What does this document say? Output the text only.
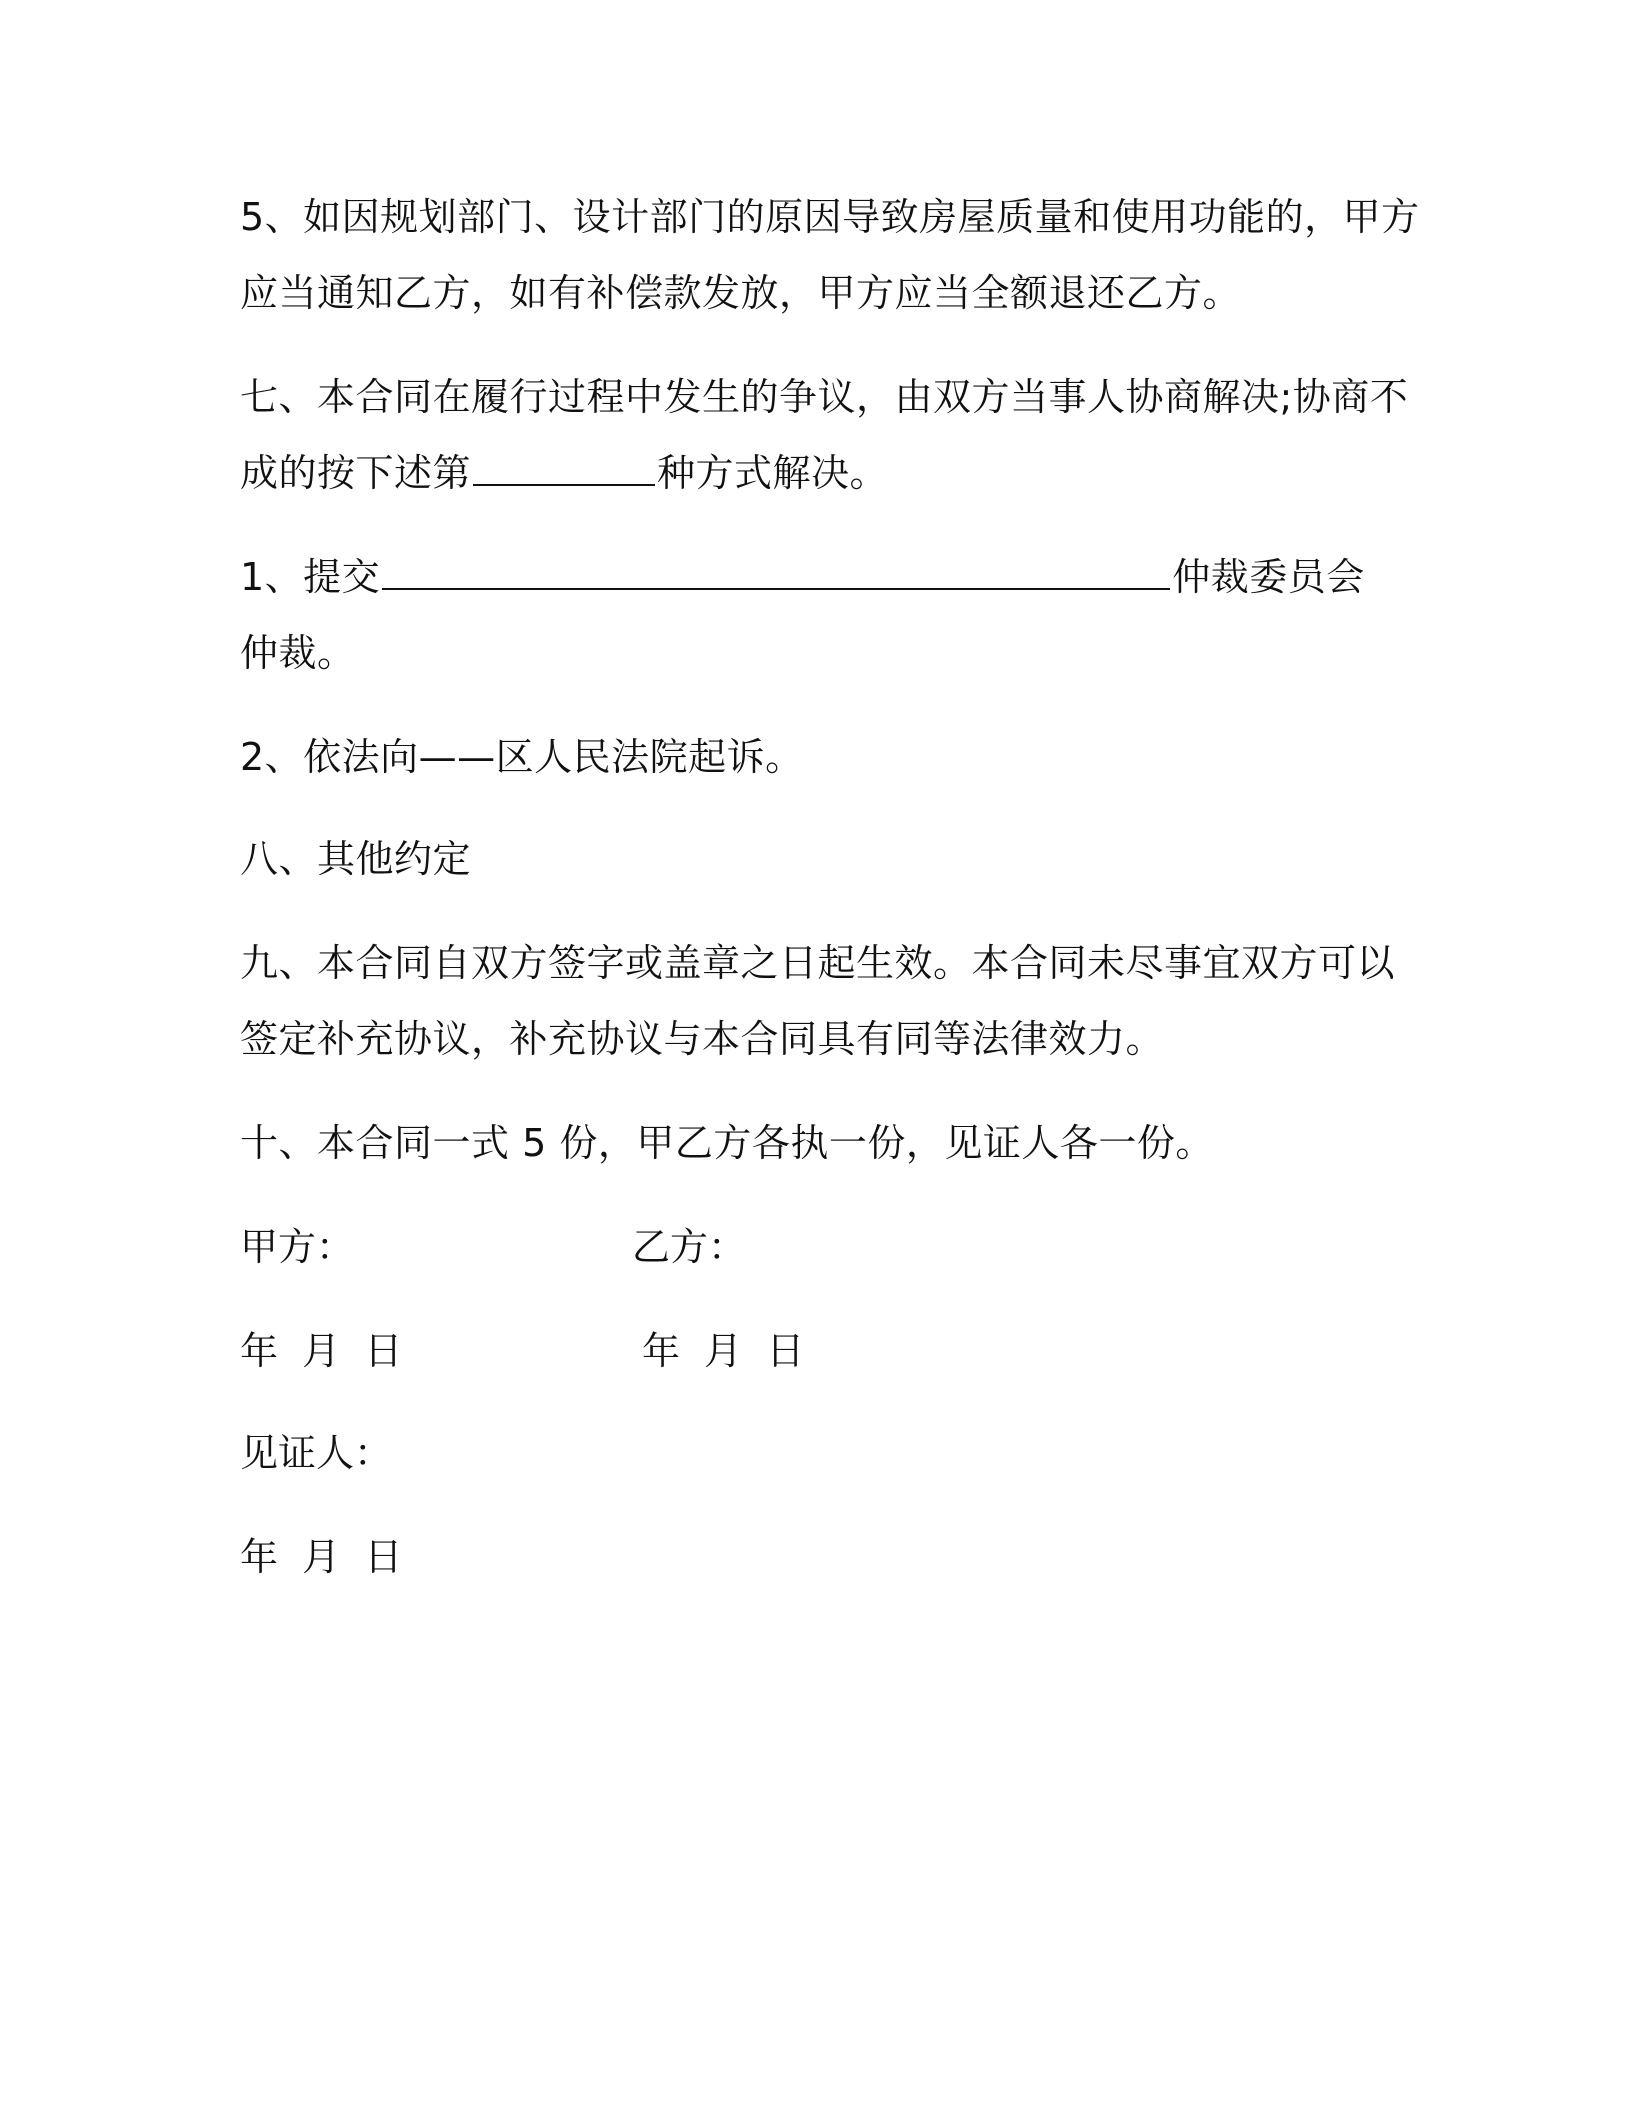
5、如因规划部门、设计部门的原因导致房屋质量和使用功能的，甲方
应当通知乙方，如有补偿款发放，甲方应当全额退还乙方。
七、本合同在履行过程中发生的争议，由双方当事人协商解决;协商不
成的按下述第	种方式解决。
1、提交	仲裁委员会
仲裁。
2、依法向——区人民法院起诉。
八、其他约定
九、本合同自双方签字或盖章之日起生效。本合同未尽事宜双方可以
签定补充协议，补充协议与本合同具有同等法律效力。
十、本合同一式 5 份，甲乙方各执一份，见证人各一份。
甲方：	乙方：
年  月  日	年  月  日
见证人：
年  月  日
